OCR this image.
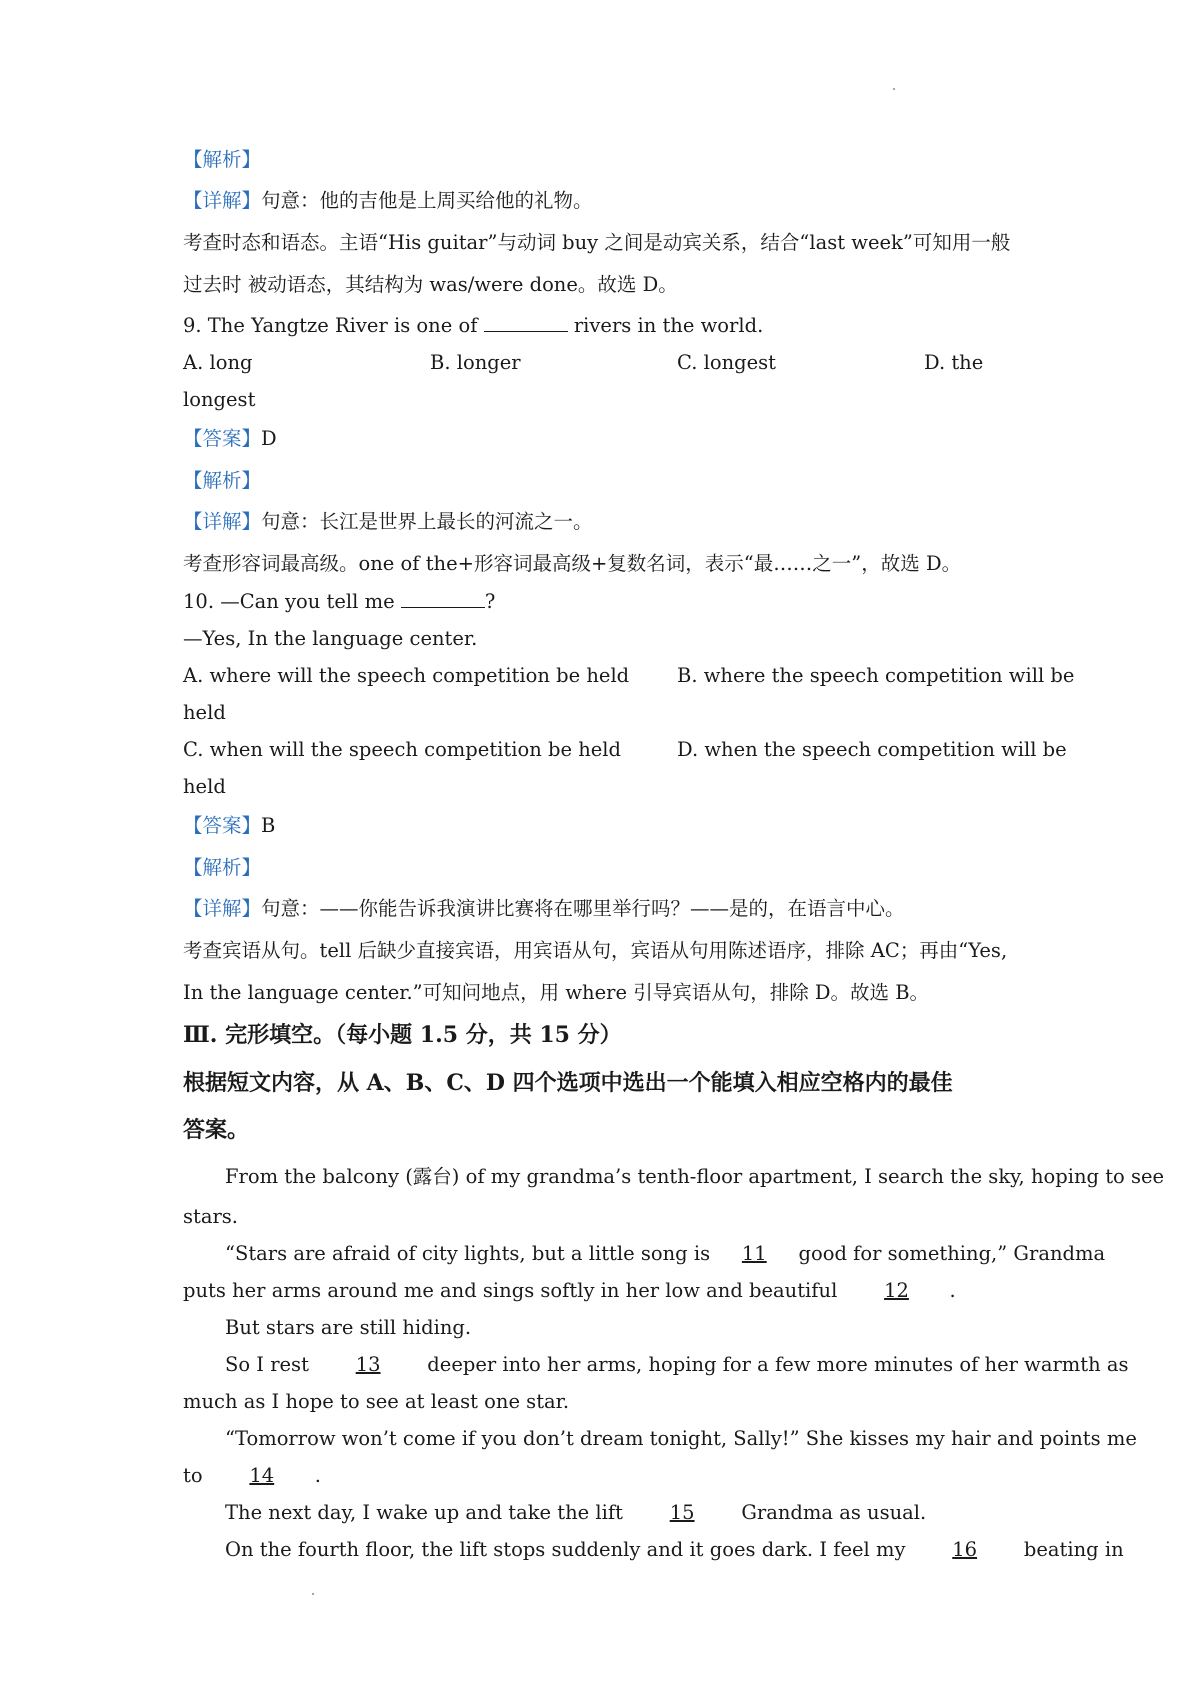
【解析】
【详解】句意：他的吉他是上周买给他的礼物。
考查时态和语态。主语“His guitar”与动词 buy 之间是动宾关系，结合“last week”可知用一般
过去时 被动语态，其结构为 was/were done。故选 D。
9. The Yangtze River is one of	rivers in the world.
A. long	B. longer	C. longest	D. the
longest
【答案】D
【解析】
【详解】句意：长江是世界上最长的河流之一。
考查形容词最高级。one of the+形容词最高级+复数名词，表示“最……之一”，故选 D。
10. —Can you tell me	?
—Yes, In the language center.
A. where will the speech competition be held B. where the speech competition will be
held
C. when will the speech competition be held	D. when the speech competition will be
held
【答案】B
【解析】
【详解】句意：——你能告诉我演讲比赛将在哪里举行吗？——是的，在语言中心。
考查宾语从句。tell 后缺少直接宾语，用宾语从句，宾语从句用陈述语序，排除 AC；再由“Yes,
In the language center.”可知问地点，用 where 引导宾语从句，排除 D。故选 B。
Ⅲ. 完形填空。（每小题 1.5 分，共 15 分）
根据短文内容，从 A、B、C、D 四个选项中选出一个能填入相应空格内的最佳
答案。
From the balcony (露台) of my grandma’s tenth-floor apartment, I search the sky, hoping to see
stars.
“Stars are afraid of city lights, but a little song is 11 good for something,” Grandma
puts her arms around me and sings softly in her low and beautiful 12 .
But stars are still hiding.
So I rest 13 deeper into her arms, hoping for a few more minutes of her warmth as
much as I hope to see at least one star.
“Tomorrow won’t come if you don’t dream tonight, Sally!” She kisses my hair and points me
to 14 .
The next day, I wake up and take the lift 15 Grandma as usual.
On the fourth floor, the lift stops suddenly and it goes dark. I feel my 16 beating in
